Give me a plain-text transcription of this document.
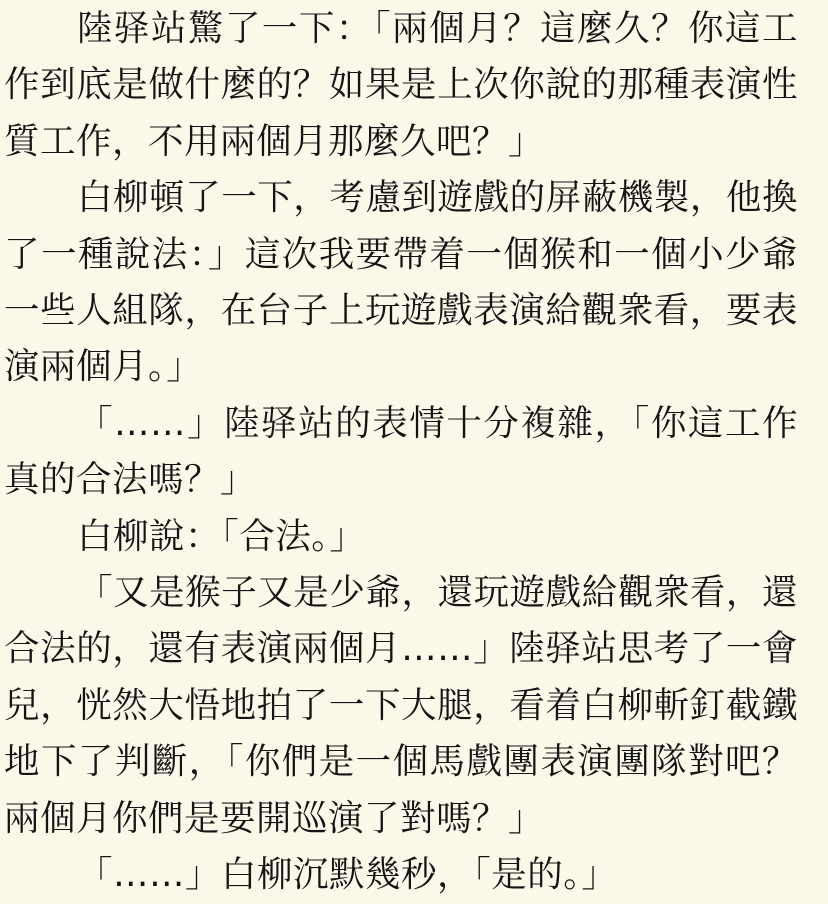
陸驿站驚了一下：「兩個月？這麼久？你這工作到底是做什麼的？如果是上次你說的那種表演性質工作，不用兩個月那麼久吧？」

白柳頓了一下，考慮到遊戲的屏蔽機製，他換了一種說法：」這次我要帶着一個猴和一個小少爺一些人組隊，在台子上玩遊戲表演給觀衆看，要表演兩個月。」

「……」陸驿站的表情十分複雜，「你這工作真的合法嗎？」

白柳說：「合法。」

「又是猴子又是少爺，還玩遊戲給觀衆看，還合法的，還有表演兩個月……」陸驿站思考了一會兒，恍然大悟地拍了一下大腿，看着白柳斬釘截鐵地下了判斷，「你們是一個馬戲團表演團隊對吧？兩個月你們是要開巡演了對嗎？」

「……」白柳沉默幾秒，「是的。」
